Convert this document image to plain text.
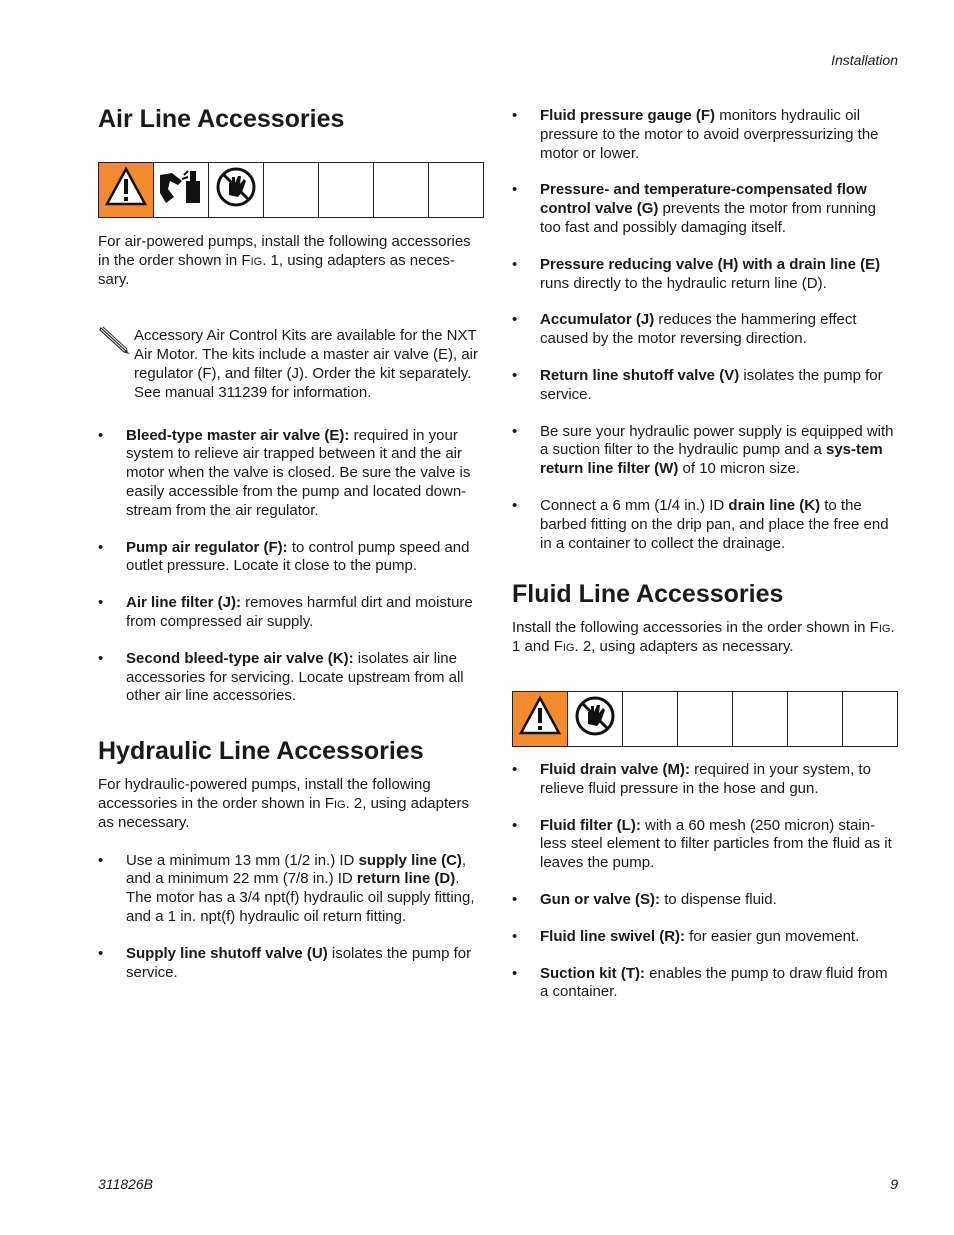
Installation
Air Line Accessories

For air-powered pumps, install the following accessories in the order shown in Fig. 1, using adapters as neces-sary.

Accessory Air Control Kits are available for the NXT Air Motor. The kits include a master air valve (E), air regulator (F), and filter (J). Order the kit separately. See manual 311239 for information.

• Bleed-type master air valve (E): required in your system to relieve air trapped between it and the air motor when the valve is closed. Be sure the valve is easily accessible from the pump and located down-stream from the air regulator.
• Pump air regulator (F): to control pump speed and outlet pressure. Locate it close to the pump.
• Air line filter (J): removes harmful dirt and moisture from compressed air supply.
• Second bleed-type air valve (K): isolates air line accessories for servicing. Locate upstream from all other air line accessories.
Hydraulic Line Accessories

For hydraulic-powered pumps, install the following accessories in the order shown in Fig. 2, using adapters as necessary.

• Use a minimum 13 mm (1/2 in.) ID supply line (C), and a minimum 22 mm (7/8 in.) ID return line (D). The motor has a 3/4 npt(f) hydraulic oil supply fitting, and a 1 in. npt(f) hydraulic oil return fitting.
• Supply line shutoff valve (U) isolates the pump for service.
• Fluid pressure gauge (F) monitors hydraulic oil pressure to the motor to avoid overpressurizing the motor or lower.
• Pressure- and temperature-compensated flow control valve (G) prevents the motor from running too fast and possibly damaging itself.
• Pressure reducing valve (H) with a drain line (E) runs directly to the hydraulic return line (D).
• Accumulator (J) reduces the hammering effect caused by the motor reversing direction.
• Return line shutoff valve (V) isolates the pump for service.
• Be sure your hydraulic power supply is equipped with a suction filter to the hydraulic pump and a sys-tem return line filter (W) of 10 micron size.
• Connect a 6 mm (1/4 in.) ID drain line (K) to the barbed fitting on the drip pan, and place the free end in a container to collect the drainage.
Fluid Line Accessories

Install the following accessories in the order shown in Fig. 1 and Fig. 2, using adapters as necessary.

• Fluid drain valve (M): required in your system, to relieve fluid pressure in the hose and gun.
• Fluid filter (L): with a 60 mesh (250 micron) stain-less steel element to filter particles from the fluid as it leaves the pump.
• Gun or valve (S): to dispense fluid.
• Fluid line swivel (R): for easier gun movement.
• Suction kit (T): enables the pump to draw fluid from a container.
311826B	9
